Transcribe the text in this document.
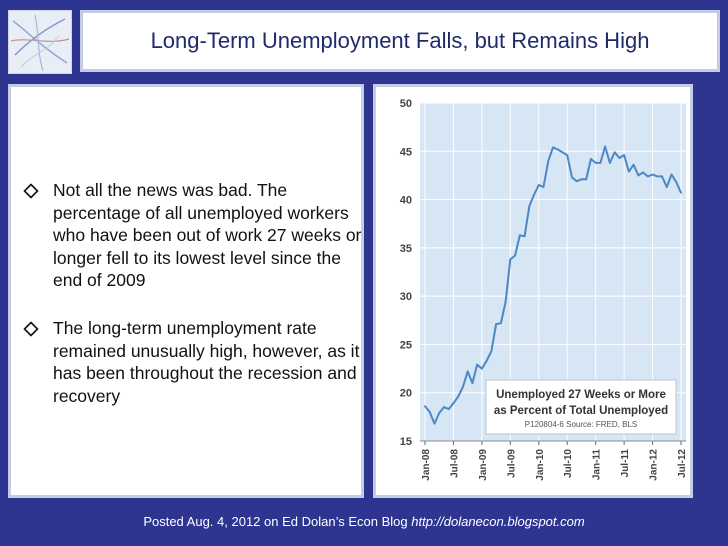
Long-Term Unemployment Falls, but Remains High
Not all the news was bad. The percentage of all unemployed workers who have been out of work 27 weeks or longer fell to its lowest level since the end of 2009
The long-term unemployment rate remained unusually high, however, as it has been throughout the recession and recovery
15
20
25
30
35
40
45
50
Jan-08 Jul-08 Jan-09 Jul-09 Jan-10 Jul-10 Jan-11 Jul-11 Jan-12 Jul-12
Unemployed 27 Weeks or More
as Percent of Total Unemployed
P120804-6 Source: FRED, BLS
Posted Aug. 4, 2012 on Ed Dolan’s Econ Blog http://dolanecon.blogspot.com
